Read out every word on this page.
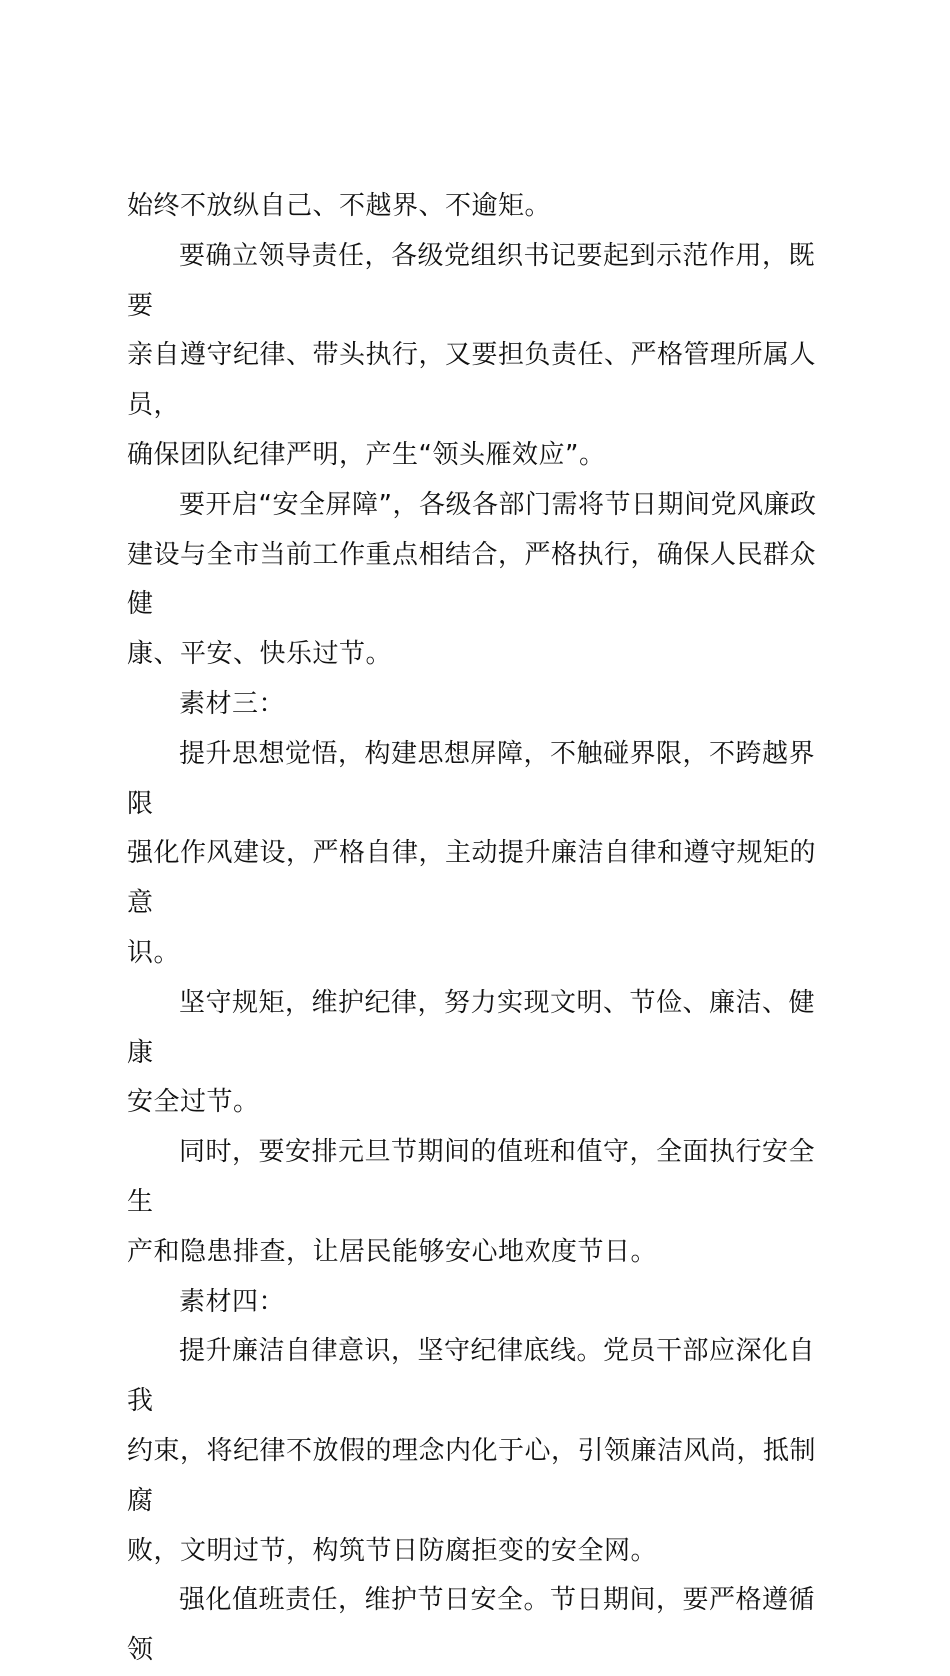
始终不放纵自己、不越界、不逾矩。

要确立领导责任，各级党组织书记要起到示范作用，既要
亲自遵守纪律、带头执行，又要担负责任、严格管理所属人员，
确保团队纪律严明，产生“领头雁效应”。

要开启“安全屏障”，各级各部门需将节日期间党风廉政
建设与全市当前工作重点相结合，严格执行，确保人民群众健
康、平安、快乐过节。

素材三：

提升思想觉悟，构建思想屏障，不触碰界限，不跨越界限
强化作风建设，严格自律，主动提升廉洁自律和遵守规矩的意
识。

坚守规矩，维护纪律，努力实现文明、节俭、廉洁、健康
安全过节。

同时，要安排元旦节期间的值班和值守，全面执行安全生
产和隐患排查，让居民能够安心地欢度节日。

素材四：

提升廉洁自律意识，坚守纪律底线。党员干部应深化自我
约束，将纪律不放假的理念内化于心，引领廉洁风尚，抵制腐
败，文明过节，构筑节日防腐拒变的安全网。

强化值班责任，维护节日安全。节日期间，要严格遵循领
